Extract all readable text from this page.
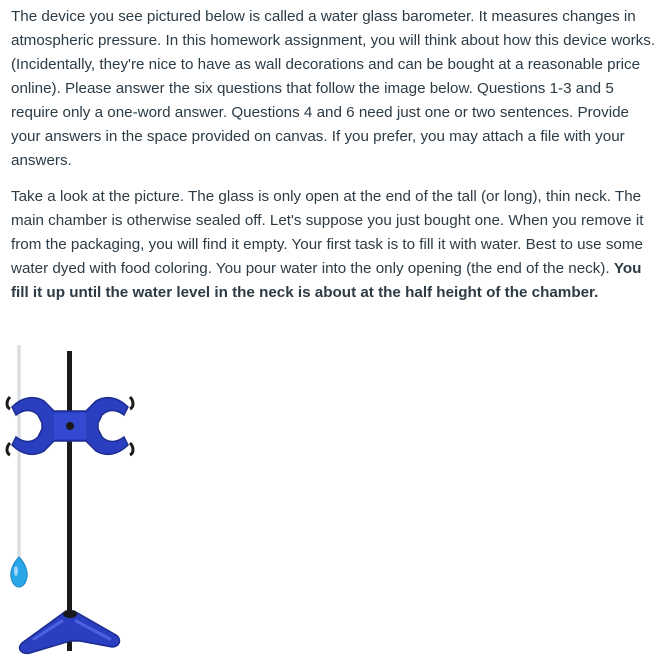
The device you see pictured below is called a water glass barometer. It measures changes in atmospheric pressure. In this homework assignment, you will think about how this device works. (Incidentally, they're nice to have as wall decorations and can be bought at a reasonable price online). Please answer the six questions that follow the image below. Questions 1-3 and 5 require only a one-word answer. Questions 4 and 6 need just one or two sentences. Provide your answers in the space provided on canvas. If you prefer, you may attach a file with your answers.

Take a look at the picture. The glass is only open at the end of the tall (or long), thin neck. The main chamber is otherwise sealed off. Let's suppose you just bought one. When you remove it from the packaging, you will find it empty. Your first task is to fill it with water. Best to use some water dyed with food coloring. You pour water into the only opening (the end of the neck). You fill it up until the water level in the neck is about at the half height of the chamber.
